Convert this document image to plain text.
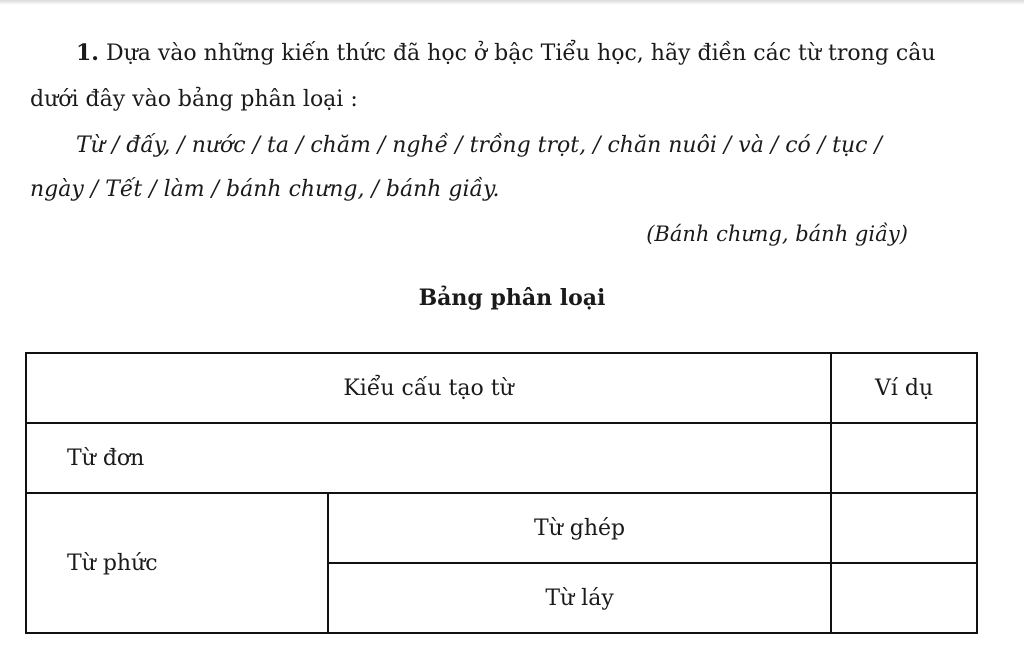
1. Dựa vào những kiến thức đã học ở bậc Tiểu học, hãy điền các từ trong câu
dưới đây vào bảng phân loại :
Từ / đấy, / nước / ta / chăm / nghề / trồng trọt, / chăn nuôi / và / có / tục /
ngày / Tết / làm / bánh chưng, / bánh giầy.
(Bánh chưng, bánh giầy)
Bảng phân loại
Kiểu cấu tạo từ		Ví dụ
Từ đơn		
Từ phức	Từ ghép	
	Từ láy	
